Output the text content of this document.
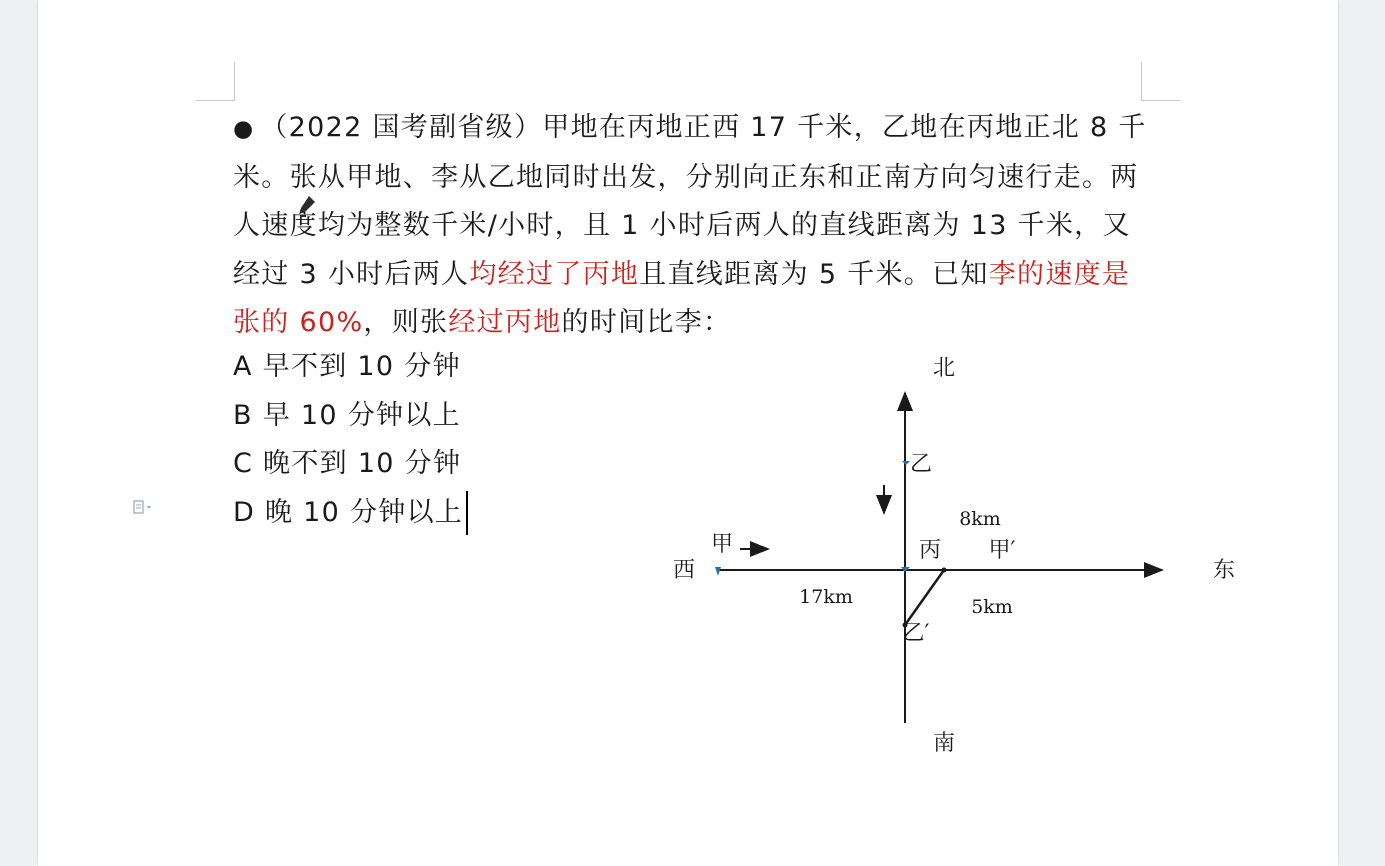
● （2022 国考副省级）甲地在丙地正西 17 千米，乙地在丙地正北 8 千米。张从甲地、李从乙地同时出发，分别向正东和正南方向匀速行走。两人速度均为整数千米/小时，且 1 小时后两人的直线距离为 13 千米，又经过 3 小时后两人均经过了丙地且直线距离为 5 千米。已知李的速度是张的 60%，则张经过丙地的时间比李：

A 早不到 10 分钟
B 早 10 分钟以上
C 晚不到 10 分钟
D 晚 10 分钟以上
北
南
东
西
乙
甲	丙 甲′
乙′
8km
17km	5km
